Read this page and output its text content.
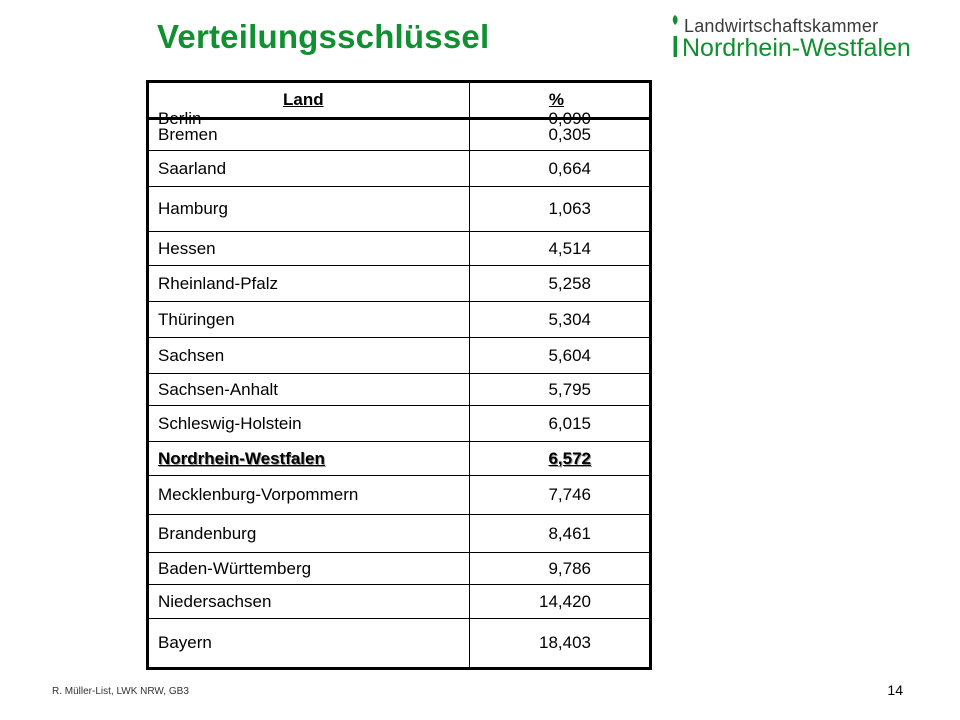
Verteilungsschlüssel	Landwirtschaftskammer
Nordrhein-Westfalen
Land	%
Berlin	0,090
Bremen	0,305
Saarland	0,664
Hamburg	1,063
Hessen	4,514
Rheinland-Pfalz	5,258
Thüringen	5,304
Sachsen	5,604
Sachsen-Anhalt	5,795
Schleswig-Holstein	6,015
Nordrhein-Westfalen	6,572
Mecklenburg-Vorpommern	7,746
Brandenburg	8,461
Baden-Württemberg	9,786
Niedersachsen	14,420
Bayern	18,403
R. Müller-List, LWK NRW, GB3	14
